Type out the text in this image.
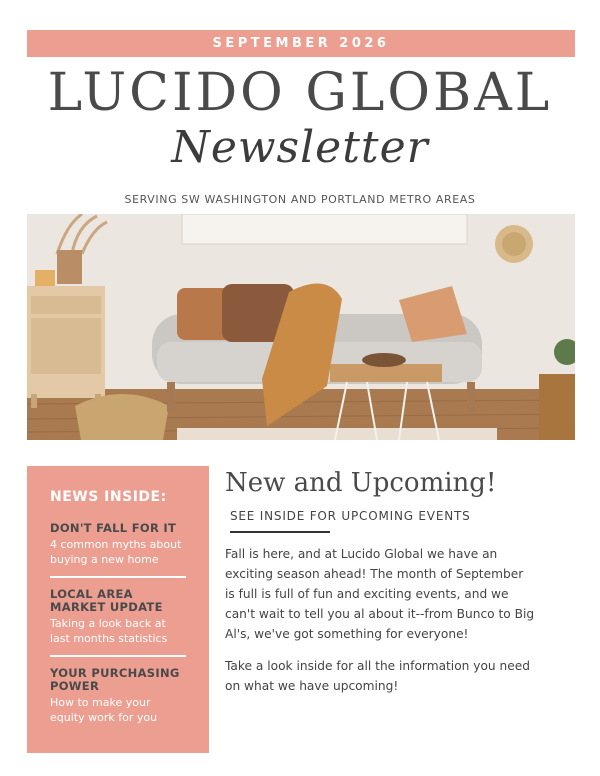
SEPTEMBER 2026
LUCIDO GLOBAL
Newsletter
SERVING SW WASHINGTON AND PORTLAND METRO AREAS
NEWS INSIDE:
DON'T FALL FOR IT
4 common myths about buying a new home
LOCAL AREA MARKET UPDATE
Taking a look back at last months statistics
YOUR PURCHASING POWER
How to make your equity work for you
New and Upcoming!
SEE INSIDE FOR UPCOMING EVENTS

Fall is here, and at Lucido Global we have an exciting season ahead! The month of September is full is full of fun and exciting events, and we can't wait to tell you al about it--from Bunco to Big Al's, we've got something for everyone!

Take a look inside for all the information you need on what we have upcoming!
